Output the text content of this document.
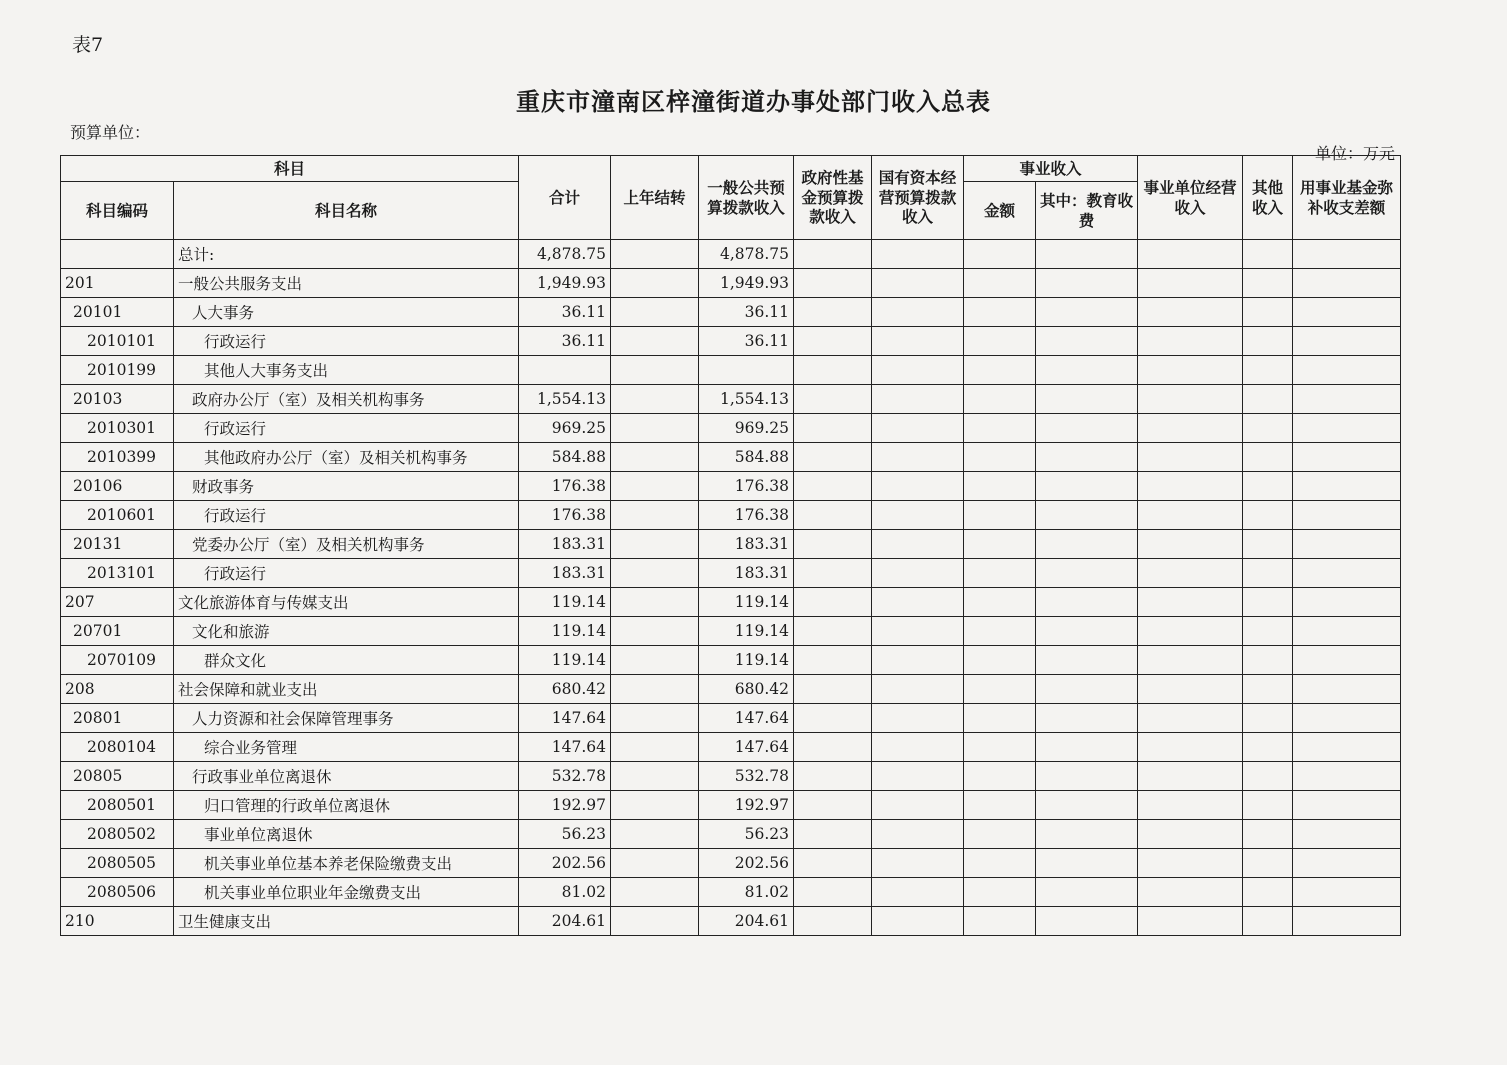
表7
重庆市潼南区梓潼街道办事处部门收入总表
预算单位：
单位：万元
科目		合计	上年结转	一般公共预算拨款收入	政府性基金预算拨款收入	国有资本经营预算拨款收入	事业收入		事业单位经营收入	其他收入	用事业基金弥补收支差额
科目编码	科目名称						金额	其中：教育收费			
	总计:	4,878.75		4,878.75							
201	一般公共服务支出	1,949.93		1,949.93							
20101	人大事务	36.11		36.11							
2010101	行政运行	36.11		36.11							
2010199	其他人大事务支出										
20103	政府办公厅（室）及相关机构事务	1,554.13		1,554.13							
2010301	行政运行	969.25		969.25							
2010399	其他政府办公厅（室）及相关机构事务	584.88		584.88							
20106	财政事务	176.38		176.38							
2010601	行政运行	176.38		176.38							
20131	党委办公厅（室）及相关机构事务	183.31		183.31							
2013101	行政运行	183.31		183.31							
207	文化旅游体育与传媒支出	119.14		119.14							
20701	文化和旅游	119.14		119.14							
2070109	群众文化	119.14		119.14							
208	社会保障和就业支出	680.42		680.42							
20801	人力资源和社会保障管理事务	147.64		147.64							
2080104	综合业务管理	147.64		147.64							
20805	行政事业单位离退休	532.78		532.78							
2080501	归口管理的行政单位离退休	192.97		192.97							
2080502	事业单位离退休	56.23		56.23							
2080505	机关事业单位基本养老保险缴费支出	202.56		202.56							
2080506	机关事业单位职业年金缴费支出	81.02		81.02							
210	卫生健康支出	204.61		204.61							
